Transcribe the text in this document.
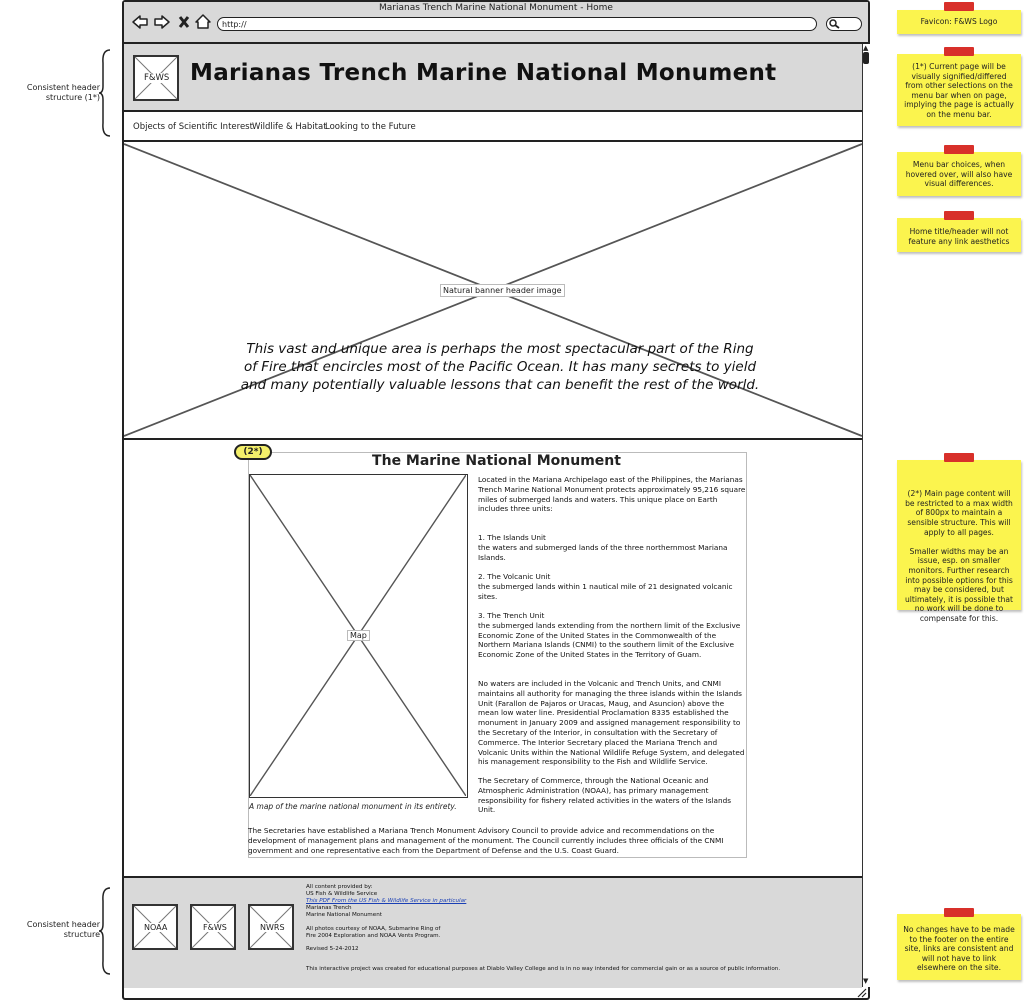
Consistent header
structure (1*)
Consistent header
structure
Marianas Trench Marine National Monument - Home
http://
▲
▼
F&WS Marianas Trench Marine National Monument
Objects of Scientific Interest Wildlife & Habitat
Looking to the Future
Natural banner header image
This vast and unique area is perhaps the most spectacular part of the Ring of Fire that encircles most of the Pacific Ocean. It has many secrets to yield and many potentially valuable lessons that can benefit the rest of the world.
The Marine National Monument
(2*)
Map
A map of the marine national monument in its entirety.
Located in the Mariana Archipelago east of the Philippines, the Marianas Trench Marine National Monument protects approximately 95,216 square miles of submerged lands and waters. This unique place on Earth includes three units:
1. The Islands Unit
the waters and submerged lands of the three northernmost Mariana Islands.
2. The Volcanic Unit
the submerged lands within 1 nautical mile of 21 designated volcanic sites.
3. The Trench Unit
the submerged lands extending from the northern limit of the Exclusive Economic Zone of the United States in the Commonwealth of the Northern Mariana Islands (CNMI) to the southern limit of the Exclusive Economic Zone of the United States in the Territory of Guam.
No waters are included in the Volcanic and Trench Units, and CNMI maintains all authority for managing the three islands within the Islands Unit (Farallon de Pajaros or Uracas, Maug, and Asuncion) above the mean low water line. Presidential Proclamation 8335 established the monument in January 2009 and assigned management responsibility to the Secretary of the Interior, in consultation with the Secretary of Commerce. The Interior Secretary placed the Mariana Trench and Volcanic Units within the National Wildlife Refuge System, and delegated his management responsibility to the Fish and Wildlife Service.
The Secretary of Commerce, through the National Oceanic and Atmospheric Administration (NOAA), has primary management responsibility for fishery related activities in the waters of the Islands Unit.
The Secretaries have established a Mariana Trench Monument Advisory Council to provide advice and recommendations on the development of management plans and management of the monument. The Council currently includes three officials of the CNMI government and one representative each from the Department of Defense and the U.S. Coast Guard.
NOAA	F&WS	NWRS
All content provided by:
US Fish & Wildlife Service
This PDF From the US Fish & Wildlife Service in particular
Marianas Trench
Marine National Monument
All photos courtesy of NOAA, Submarine Ring of
Fire 2004 Exploration and NOAA Vents Program.
Revised 5-24-2012
This interactive project was created for educational purposes at Diablo Valley College and is in no way intended for commercial gain or as a source of public information.
Favicon: F&WS Logo
(1*) Current page will be visually signified/differed from other selections on the menu bar when on page, implying the page is actually on the menu bar.
Menu bar choices, when hovered over, will also have visual differences.
Home title/header will not feature any link aesthetics

(2*) Main page content will be restricted to a max width of 800px to maintain a sensible structure. This will apply to all pages.

Smaller widths may be an issue, esp. on smaller monitors. Further research into possible options for this may be considered, but ultimately, it is possible that no work will be done to compensate for this.

No changes have to be made to the footer on the entire site, links are consistent and will not have to link elsewhere on the site.
